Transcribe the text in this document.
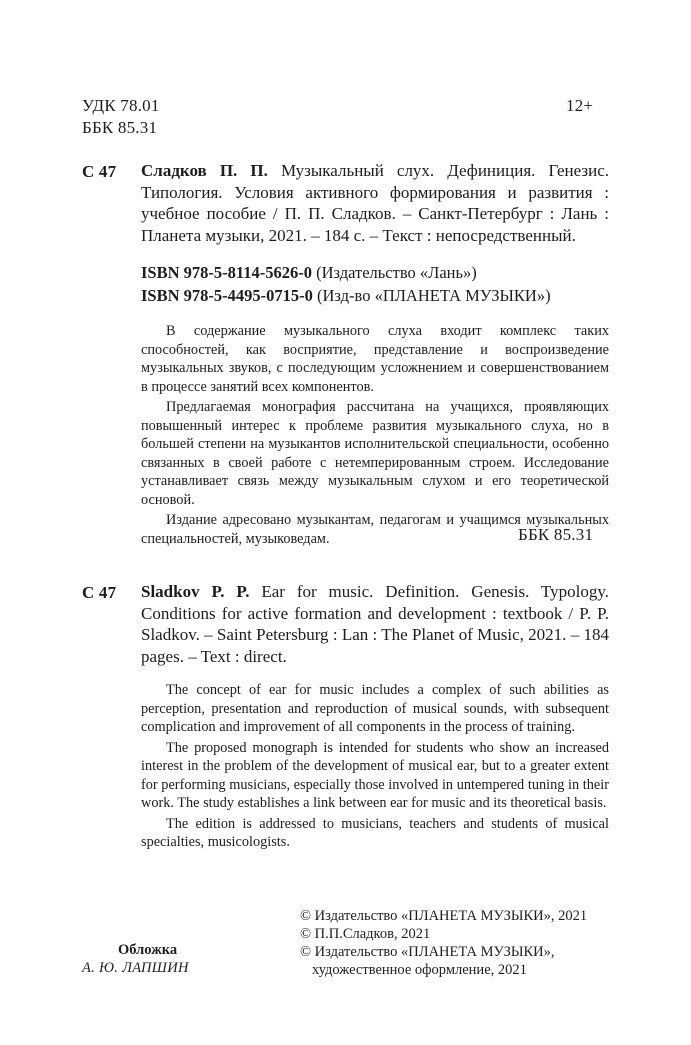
УДК 78.01
ББК 85.31
12+
С 47 Сладков П. П. Музыкальный слух. Дефиниция. Генезис. Типология. Условия активного формирования и развития : учебное пособие / П. П. Сладков. – Санкт-Петербург : Лань : Планета музыки, 2021. – 184 с. – Текст : непосредственный.
ISBN 978-5-8114-5626-0 (Издательство «Лань»)
ISBN 978-5-4495-0715-0 (Изд-во «ПЛАНЕТА МУЗЫКИ»)

В содержание музыкального слуха входит комплекс таких способностей, как восприятие, представление и воспроизведение музыкальных звуков, с последующим усложнением и совершенствованием в процессе занятий всех компонентов.

Предлагаемая монография рассчитана на учащихся, проявляющих повышенный интерес к проблеме развития музыкального слуха, но в большей степени на музыкантов исполнительской специальности, особенно связанных в своей работе с нетемперированным строем. Исследование устанавливает связь между музыкальным слухом и его теоретической основой.

Издание адресовано музыкантам, педагогам и учащимся музыкальных специальностей, музыковедам.	ББК 85.31
С 47 Sladkov P. P. Ear for music. Definition. Genesis. Typology. Conditions for active formation and development : textbook / P. P. Sladkov. – Saint Petersburg : Lan : The Planet of Music, 2021. – 184 pages. – Text : direct.

The concept of ear for music includes a complex of such abilities as perception, presentation and reproduction of musical sounds, with subsequent complication and improvement of all components in the process of training.

The proposed monograph is intended for students who show an increased interest in the problem of the development of musical ear, but to a greater extent for performing musicians, especially those involved in untempered tuning in their work. The study establishes a link between ear for music and its theoretical basis.

The edition is addressed to musicians, teachers and students of musical specialties, musicologists.

Обложка
А. Ю. ЛАПШИН
© Издательство «ПЛАНЕТА МУЗЫКИ», 2021
© П.П.Сладков, 2021
© Издательство «ПЛАНЕТА МУЗЫКИ»,
художественное оформление, 2021
